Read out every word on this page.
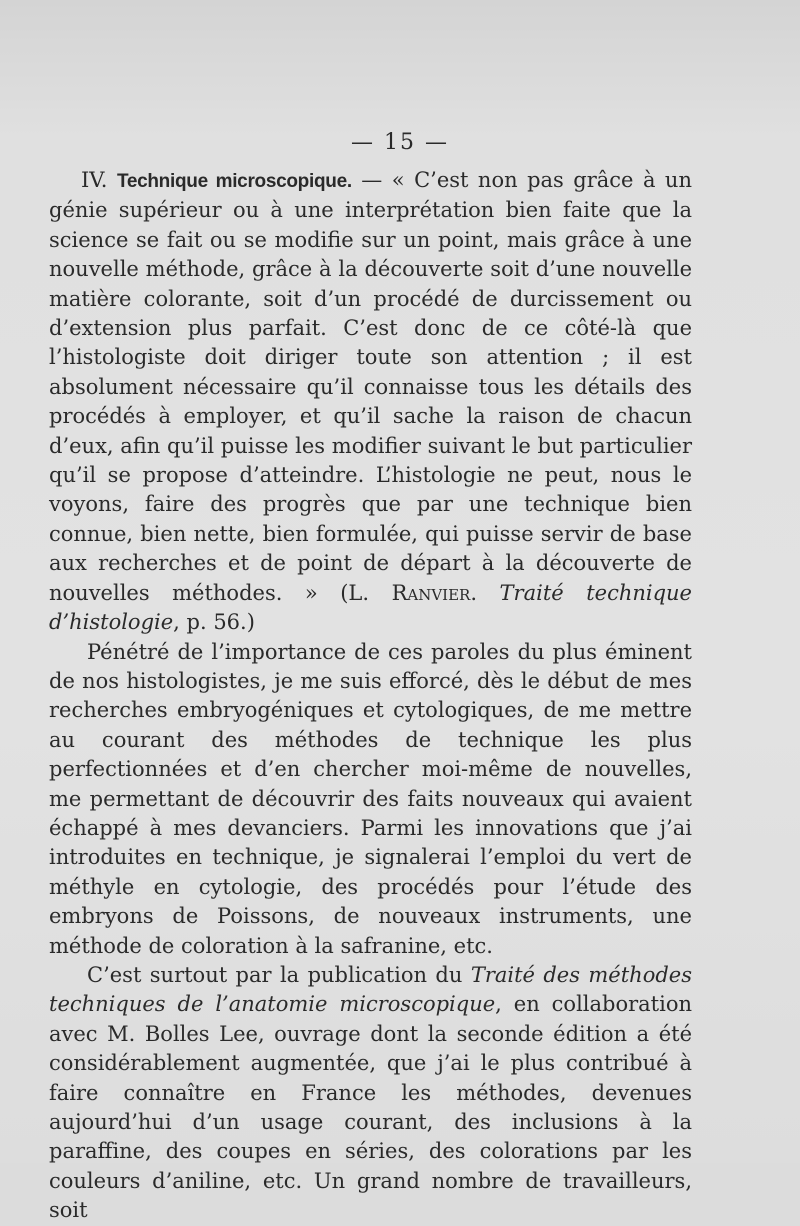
— 15 —

IV. Technique microscopique. — « C’est non pas grâce à un génie supérieur ou à une interprétation bien faite que la science se fait ou se modifie sur un point, mais grâce à une nouvelle méthode, grâce à la découverte soit d’une nouvelle matière colorante, soit d’un procédé de durcissement ou d’extension plus parfait. C’est donc de ce côté-là que l’histologiste doit diriger toute son attention ; il est absolument nécessaire qu’il connaisse tous les détails des procédés à employer, et qu’il sache la raison de chacun d’eux, afin qu’il puisse les modifier suivant le but particulier qu’il se propose d’atteindre. L’histologie ne peut, nous le voyons, faire des progrès que par une technique bien connue, bien nette, bien formulée, qui puisse servir de base aux recherches et de point de départ à la découverte de nouvelles méthodes. » (L. Ranvier. Traité technique d’histologie, p. 56.)

Pénétré de l’importance de ces paroles du plus éminent de nos histologistes, je me suis efforcé, dès le début de mes recherches embryogéniques et cytologiques, de me mettre au courant des méthodes de technique les plus perfectionnées et d’en chercher moi-même de nouvelles, me permettant de découvrir des faits nouveaux qui avaient échappé à mes devanciers. Parmi les innovations que j’ai introduites en technique, je signalerai l’emploi du vert de méthyle en cytologie, des procédés pour l’étude des embryons de Poissons, de nouveaux instruments, une méthode de coloration à la safranine, etc.

C’est surtout par la publication du Traité des méthodes techniques de l’anatomie microscopique, en collaboration avec M. Bolles Lee, ouvrage dont la seconde édition a été considérablement augmentée, que j’ai le plus contribué à faire connaître en France les méthodes, devenues aujourd’hui d’un usage courant, des inclusions à la paraffine, des coupes en séries, des colorations par les couleurs d’aniline, etc. Un grand nombre de travailleurs, soit
